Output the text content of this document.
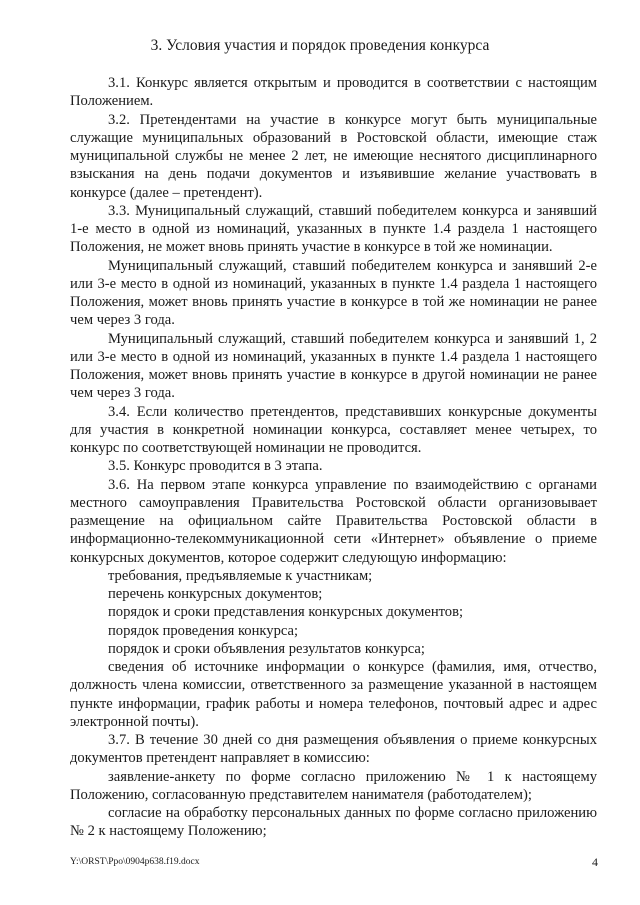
3. Условия участия и порядок проведения конкурса

3.1. Конкурс является открытым и проводится в соответствии с настоящим Положением.

3.2. Претендентами на участие в конкурсе могут быть муниципальные служащие муниципальных образований в Ростовской области, имеющие стаж муниципальной службы не менее 2 лет, не имеющие неснятого дисциплинарного взыскания на день подачи документов и изъявившие желание участвовать в конкурсе (далее – претендент).

3.3. Муниципальный служащий, ставший победителем конкурса и занявший 1-е место в одной из номинаций, указанных в пункте 1.4 раздела 1 настоящего Положения, не может вновь принять участие в конкурсе в той же номинации.

Муниципальный служащий, ставший победителем конкурса и занявший 2-е или 3-е место в одной из номинаций, указанных в пункте 1.4 раздела 1 настоящего Положения, может вновь принять участие в конкурсе в той же номинации не ранее чем через 3 года.

Муниципальный служащий, ставший победителем конкурса и занявший 1, 2 или 3-е место в одной из номинаций, указанных в пункте 1.4 раздела 1 настоящего Положения, может вновь принять участие в конкурсе в другой номинации не ранее чем через 3 года.

3.4. Если количество претендентов, представивших конкурсные документы для участия в конкретной номинации конкурса, составляет менее четырех, то конкурс по соответствующей номинации не проводится.

3.5. Конкурс проводится в 3 этапа.

3.6. На первом этапе конкурса управление по взаимодействию с органами местного самоуправления Правительства Ростовской области организовывает размещение на официальном сайте Правительства Ростовской области в информационно-телекоммуникационной сети «Интернет» объявление о приеме конкурсных документов, которое содержит следующую информацию:

требования, предъявляемые к участникам;

перечень конкурсных документов;

порядок и сроки представления конкурсных документов;

порядок проведения конкурса;

порядок и сроки объявления результатов конкурса;

сведения об источнике информации о конкурсе (фамилия, имя, отчество, должность члена комиссии, ответственного за размещение указанной в настоящем пункте информации, график работы и номера телефонов, почтовый адрес и адрес электронной почты).

3.7. В течение 30 дней со дня размещения объявления о приеме конкурсных документов претендент направляет в комиссию:

заявление-анкету по форме согласно приложению № 1 к настоящему Положению, согласованную представителем нанимателя (работодателем);

согласие на обработку персональных данных по форме согласно приложению № 2 к настоящему Положению;

Y:\ORST\Ppo\0904p638.f19.docx	4
